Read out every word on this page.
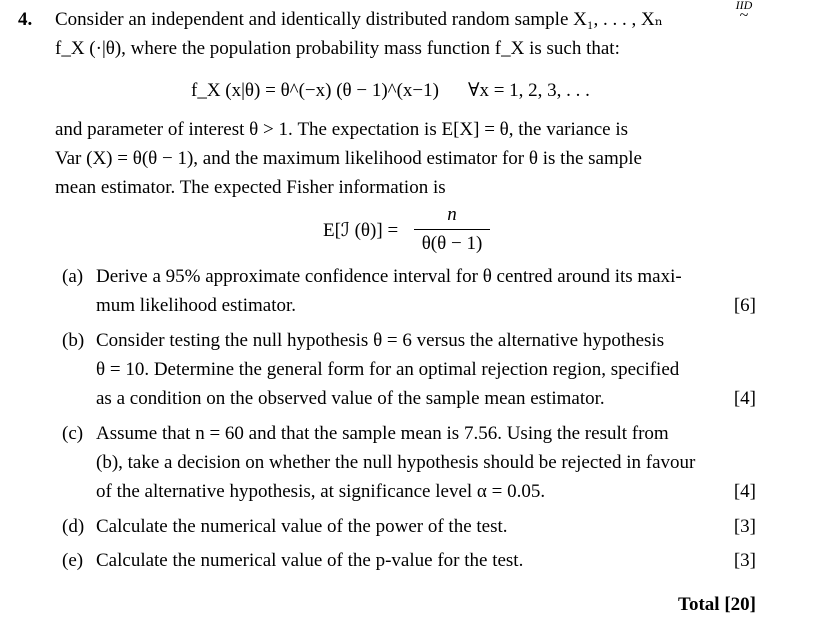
4. Consider an independent and identically distributed random sample X₁, . . . , Xₙ
IID
~
f_X (·|θ), where the population probability mass function f_X is such that:
f_X (x|θ) = θ^(−x) (θ − 1)^(x−1) ∀x = 1, 2, 3, . . .
and parameter of interest θ > 1. The expectation is E[X] = θ, the variance is
Var (X) = θ(θ − 1), and the maximum likelihood estimator for θ is the sample
mean estimator. The expected Fisher information is
E[ℐ (θ)] =
n
θ(θ − 1)
(a) Derive a 95% approximate confidence interval for θ centred around its maxi-
mum likelihood estimator.	[6]
(b) Consider testing the null hypothesis θ = 6 versus the alternative hypothesis
θ = 10. Determine the general form for an optimal rejection region, specified
as a condition on the observed value of the sample mean estimator.	[4]
(c) Assume that n = 60 and that the sample mean is 7.56. Using the result from
(b), take a decision on whether the null hypothesis should be rejected in favour
of the alternative hypothesis, at significance level α = 0.05.	[4]
(d) Calculate the numerical value of the power of the test.	[3]
(e) Calculate the numerical value of the p-value for the test.	[3]
Total [20]
